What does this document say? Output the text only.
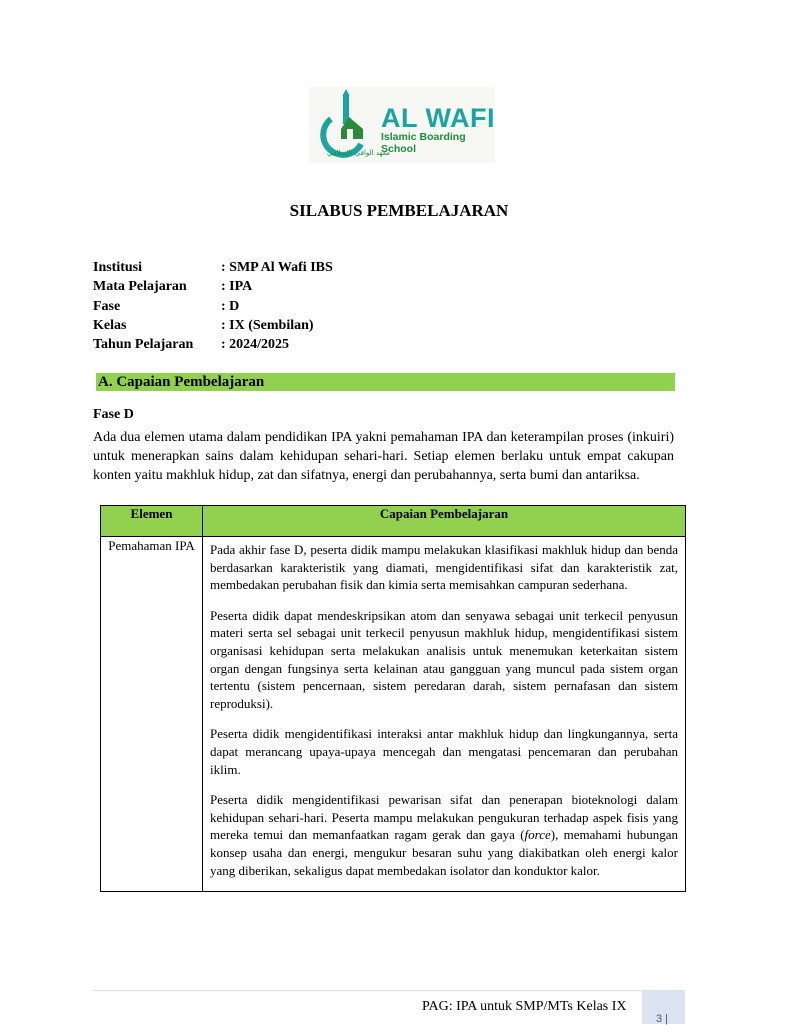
معهد الوافي الإسلامي
AL WAFI
Islamic Boarding School
SILABUS PEMBELAJARAN
Institusi	: SMP Al Wafi IBS
Mata Pelajaran	: IPA
Fase	: D
Kelas	: IX (Sembilan)
Tahun Pelajaran	: 2024/2025
A. Capaian Pembelajaran
Fase D
Ada dua elemen utama dalam pendidikan IPA yakni pemahaman IPA dan keterampilan proses (inkuiri) untuk menerapkan sains dalam kehidupan sehari-hari. Setiap elemen berlaku untuk empat cakupan konten yaitu makhluk hidup, zat dan sifatnya, energi dan perubahannya, serta bumi dan antariksa.
Elemen	Capaian Pembelajaran
Pemahaman IPA	Pada akhir fase D, peserta didik mampu melakukan klasifikasi makhluk hidup dan benda berdasarkan karakteristik yang diamati, mengidentifikasi sifat dan karakteristik zat, membedakan perubahan fisik dan kimia serta memisahkan campuran sederhana.

Peserta didik dapat mendeskripsikan atom dan senyawa sebagai unit terkecil penyusun materi serta sel sebagai unit terkecil penyusun makhluk hidup, mengidentifikasi sistem organisasi kehidupan serta melakukan analisis untuk menemukan keterkaitan sistem organ dengan fungsinya serta kelainan atau gangguan yang muncul pada sistem organ tertentu (sistem pencernaan, sistem peredaran darah, sistem pernafasan dan sistem reproduksi).

Peserta didik mengidentifikasi interaksi antar makhluk hidup dan lingkungannya, serta dapat merancang upaya-upaya mencegah dan mengatasi pencemaran dan perubahan iklim.

Peserta didik mengidentifikasi pewarisan sifat dan penerapan bioteknologi dalam kehidupan sehari-hari. Peserta mampu melakukan pengukuran terhadap aspek fisis yang mereka temui dan memanfaatkan ragam gerak dan gaya (force), memahami hubungan konsep usaha dan energi, mengukur besaran suhu yang diakibatkan oleh energi kalor yang diberikan, sekaligus dapat membedakan isolator dan konduktor kalor.

PAG: IPA untuk SMP/MTs Kelas IX
3 |
